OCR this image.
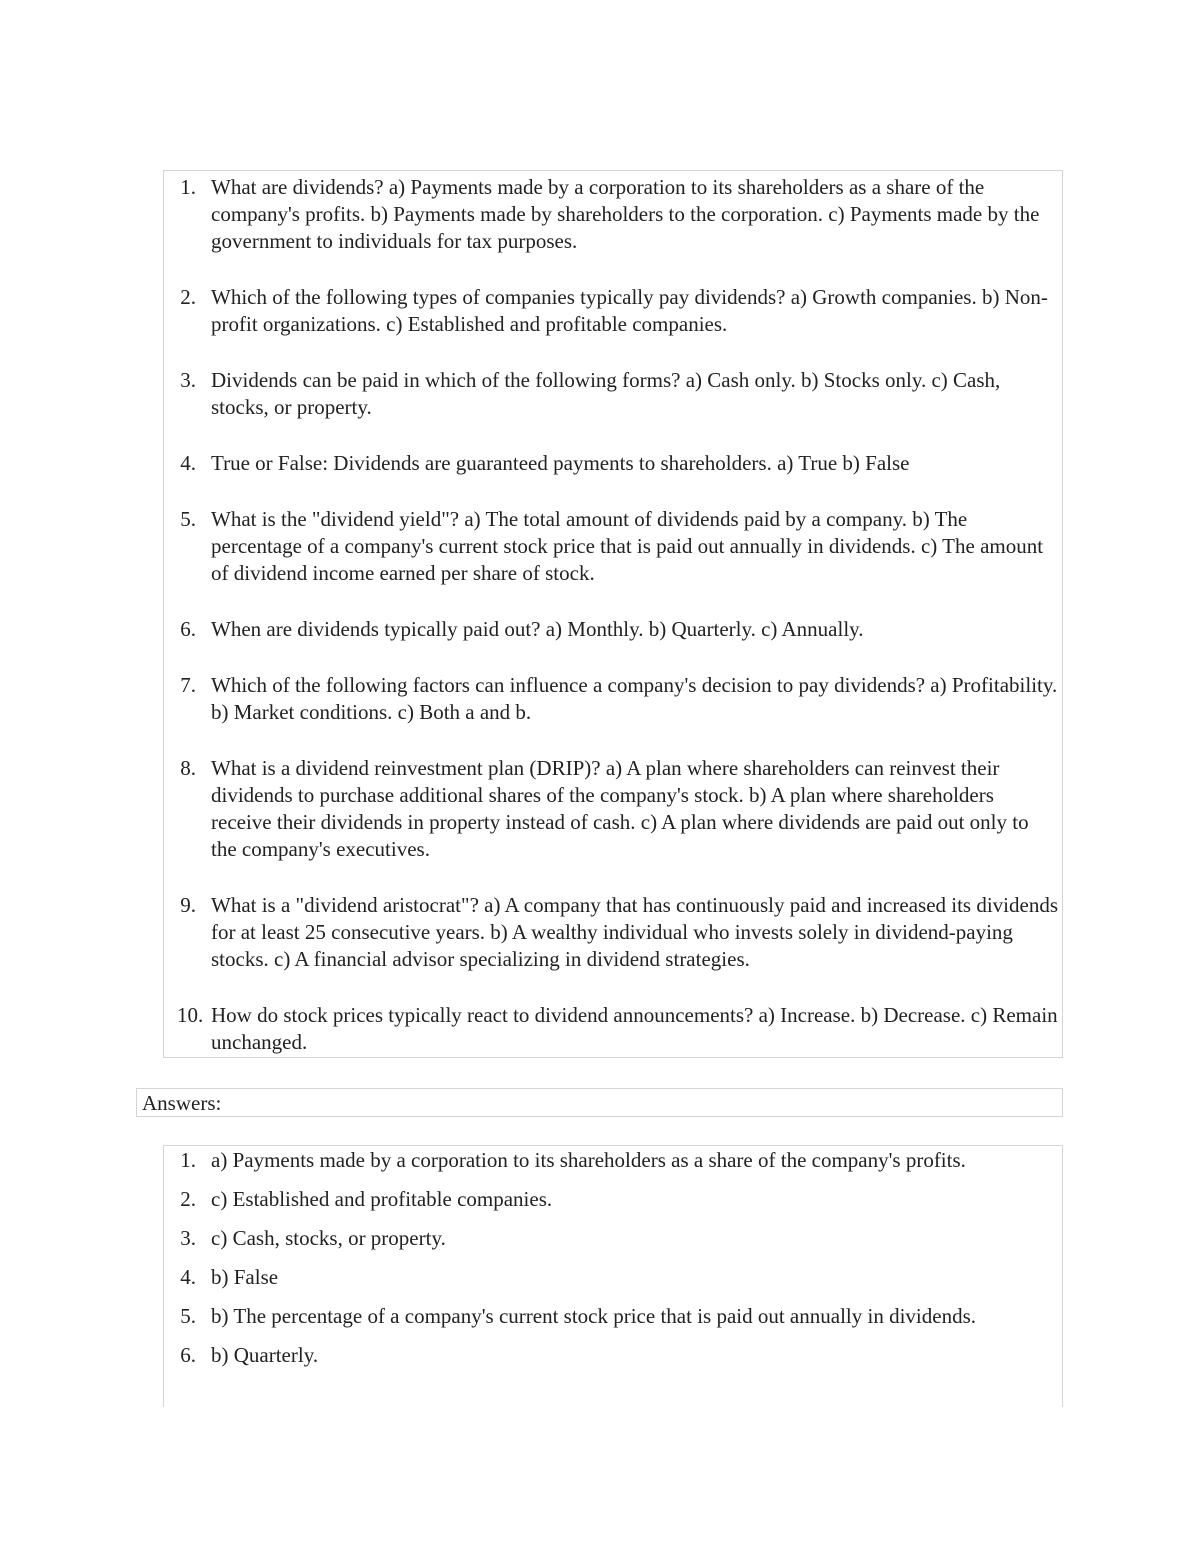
1. What are dividends? a) Payments made by a corporation to its shareholders as a share of the company's profits. b) Payments made by shareholders to the corporation. c) Payments made by the government to individuals for tax purposes.
2. Which of the following types of companies typically pay dividends? a) Growth companies. b) Non-profit organizations. c) Established and profitable companies.
3. Dividends can be paid in which of the following forms? a) Cash only. b) Stocks only. c) Cash, stocks, or property.
4. True or False: Dividends are guaranteed payments to shareholders. a) True b) False
5. What is the "dividend yield"? a) The total amount of dividends paid by a company. b) The percentage of a company's current stock price that is paid out annually in dividends. c) The amount of dividend income earned per share of stock.
6. When are dividends typically paid out? a) Monthly. b) Quarterly. c) Annually.
7. Which of the following factors can influence a company's decision to pay dividends? a) Profitability. b) Market conditions. c) Both a and b.
8. What is a dividend reinvestment plan (DRIP)? a) A plan where shareholders can reinvest their dividends to purchase additional shares of the company's stock. b) A plan where shareholders receive their dividends in property instead of cash. c) A plan where dividends are paid out only to the company's executives.
9. What is a "dividend aristocrat"? a) A company that has continuously paid and increased its dividends for at least 25 consecutive years. b) A wealthy individual who invests solely in dividend-paying stocks. c) A financial advisor specializing in dividend strategies.
10. How do stock prices typically react to dividend announcements? a) Increase. b) Decrease. c) Remain unchanged.
Answers:
1. a) Payments made by a corporation to its shareholders as a share of the company's profits.
2. c) Established and profitable companies.
3. c) Cash, stocks, or property.
4. b) False
5. b) The percentage of a company's current stock price that is paid out annually in dividends.
6. b) Quarterly.
